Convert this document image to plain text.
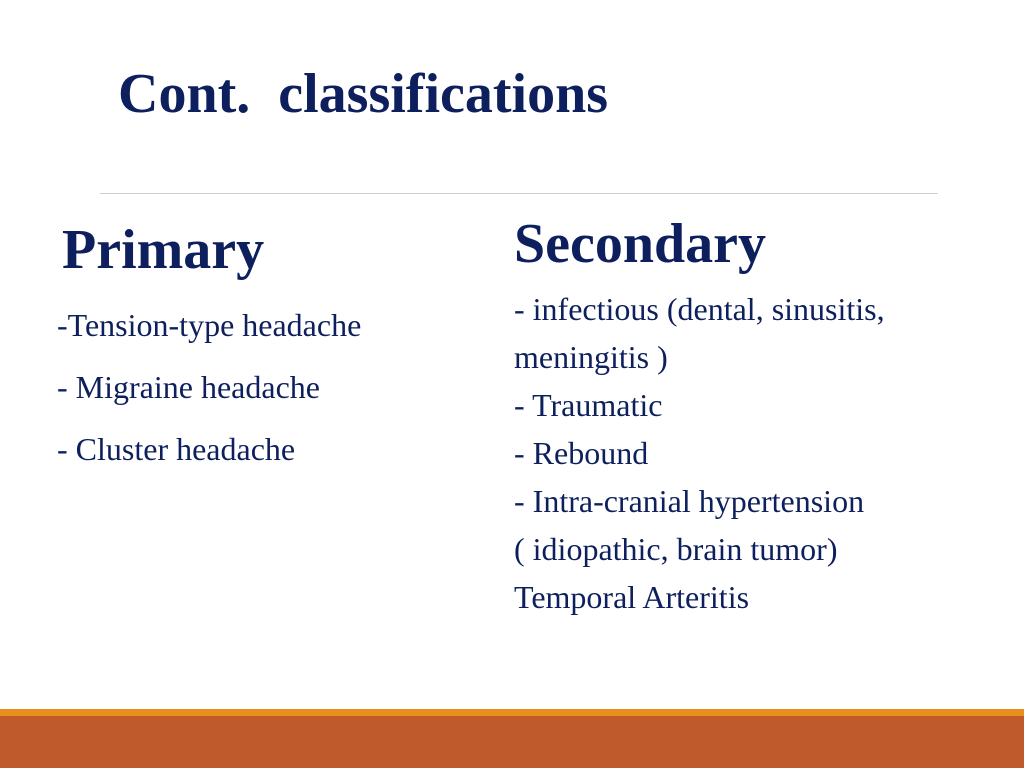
Cont.  classifications
Primary
-Tension-type headache
- Migraine headache
- Cluster headache
Secondary
- infectious (dental, sinusitis,
meningitis )
- Traumatic
- Rebound
- Intra-cranial hypertension
( idiopathic, brain tumor)
Temporal Arteritis
